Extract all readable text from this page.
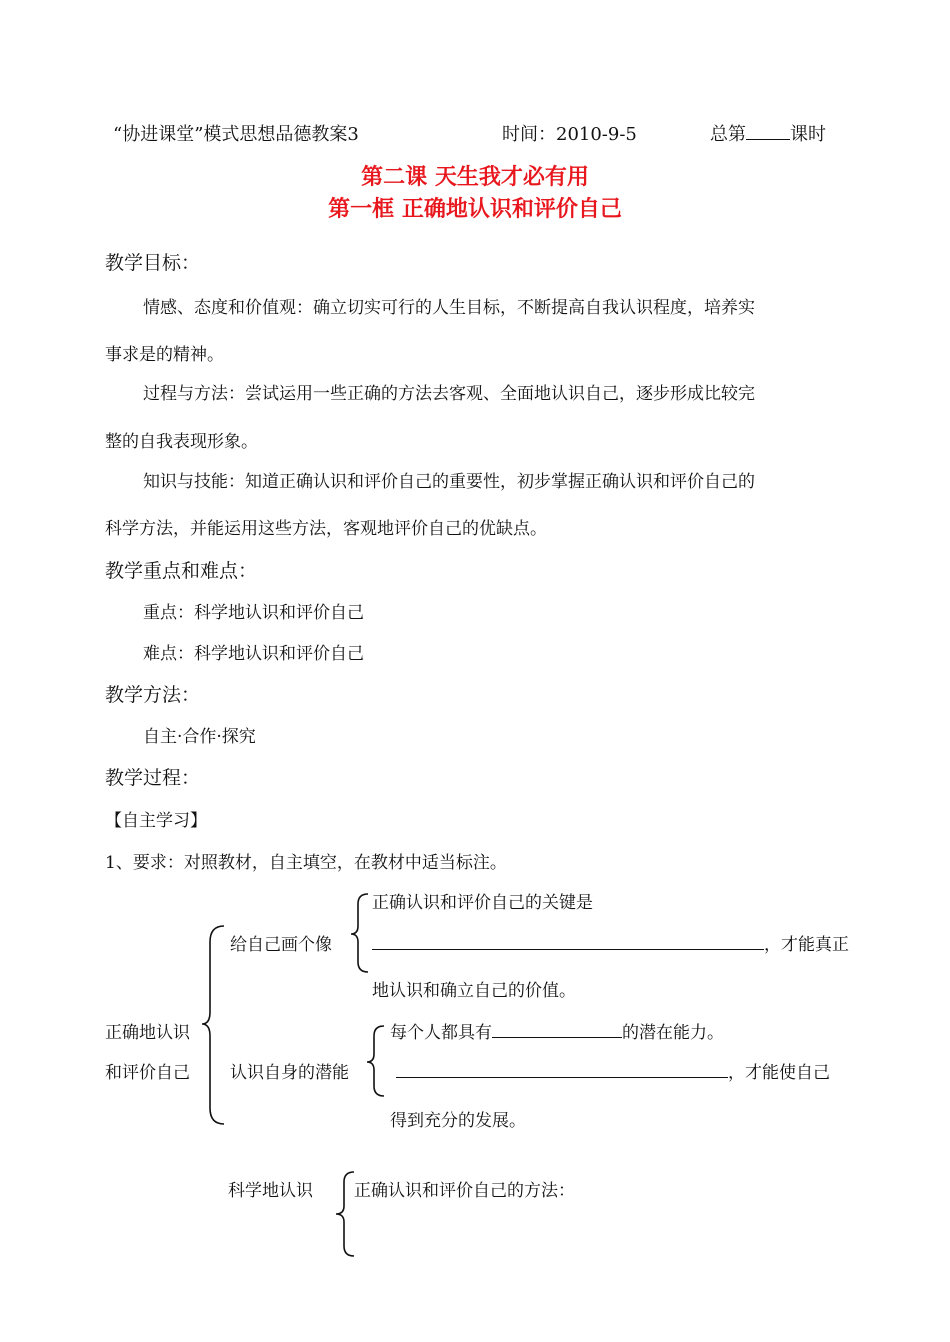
“协进课堂”模式思想品德教案3	时间：2010-9-5	总第 课时
第二课 天生我才必有用
第一框 正确地认识和评价自己
教学目标：
情感、态度和价值观：确立切实可行的人生目标，不断提高自我认识程度，培养实
事求是的精神。
过程与方法：尝试运用一些正确的方法去客观、全面地认识自己，逐步形成比较完
整的自我表现形象。
知识与技能：知道正确认识和评价自己的重要性，初步掌握正确认识和评价自己的
科学方法，并能运用这些方法，客观地评价自己的优缺点。
教学重点和难点：
重点：科学地认识和评价自己
难点：科学地认识和评价自己
教学方法：
自主·合作·探究
教学过程：
【自主学习】
1、要求：对照教材，自主填空，在教材中适当标注。
正确地认识
和评价自己
给自己画个像
正确认识和评价自己的关键是
，才能真正
地认识和确立自己的价值。
认识自身的潜能
每个人都具有	的潜在能力。
，才能使自己
得到充分的发展。
科学地认识 正确认识和评价自己的方法：
